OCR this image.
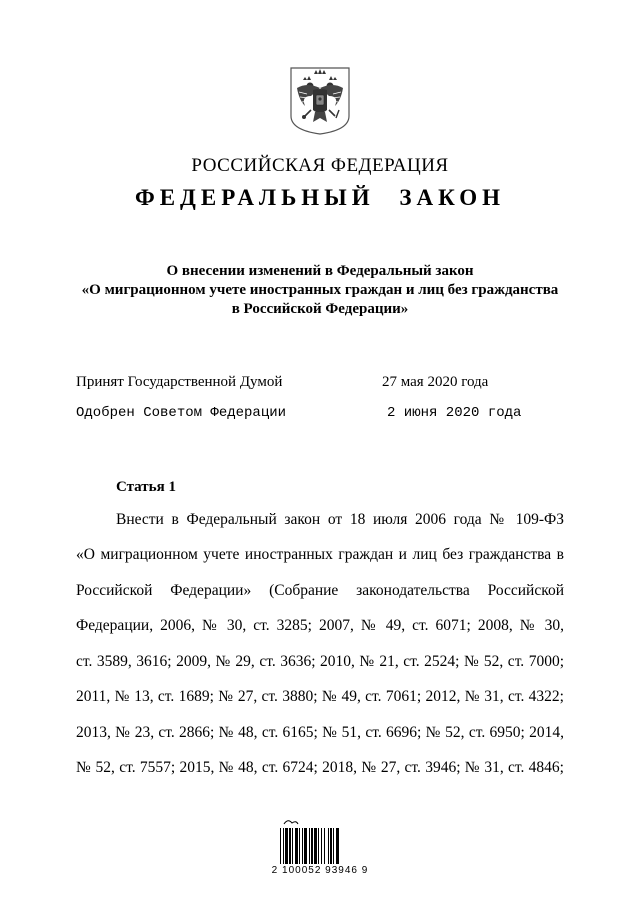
РОССИЙСКАЯ ФЕДЕРАЦИЯ
ФЕДЕРАЛЬНЫЙ ЗАКОН
О внесении изменений в Федеральный закон
«О миграционном учете иностранных граждан и лиц без гражданства
в Российской Федерации»
Принят Государственной Думой	27 мая 2020 года
Одобрен Советом Федерации	2 июня 2020 года
Статья 1
Внести в Федеральный закон от 18 июля 2006 года № 109-ФЗ
«О миграционном учете иностранных граждан и лиц без гражданства в
Российской Федерации» (Собрание законодательства Российской
Федерации, 2006, № 30, ст. 3285; 2007, № 49, ст. 6071; 2008, № 30,
ст. 3589, 3616; 2009, № 29, ст. 3636; 2010, № 21, ст. 2524; № 52, ст. 7000;
2011, № 13, ст. 1689; № 27, ст. 3880; № 49, ст. 7061; 2012, № 31, ст. 4322;
2013, № 23, ст. 2866; № 48, ст. 6165; № 51, ст. 6696; № 52, ст. 6950; 2014,
№ 52, ст. 7557; 2015, № 48, ст. 6724; 2018, № 27, ст. 3946; № 31, ст. 4846;
2 100052 93946 9
